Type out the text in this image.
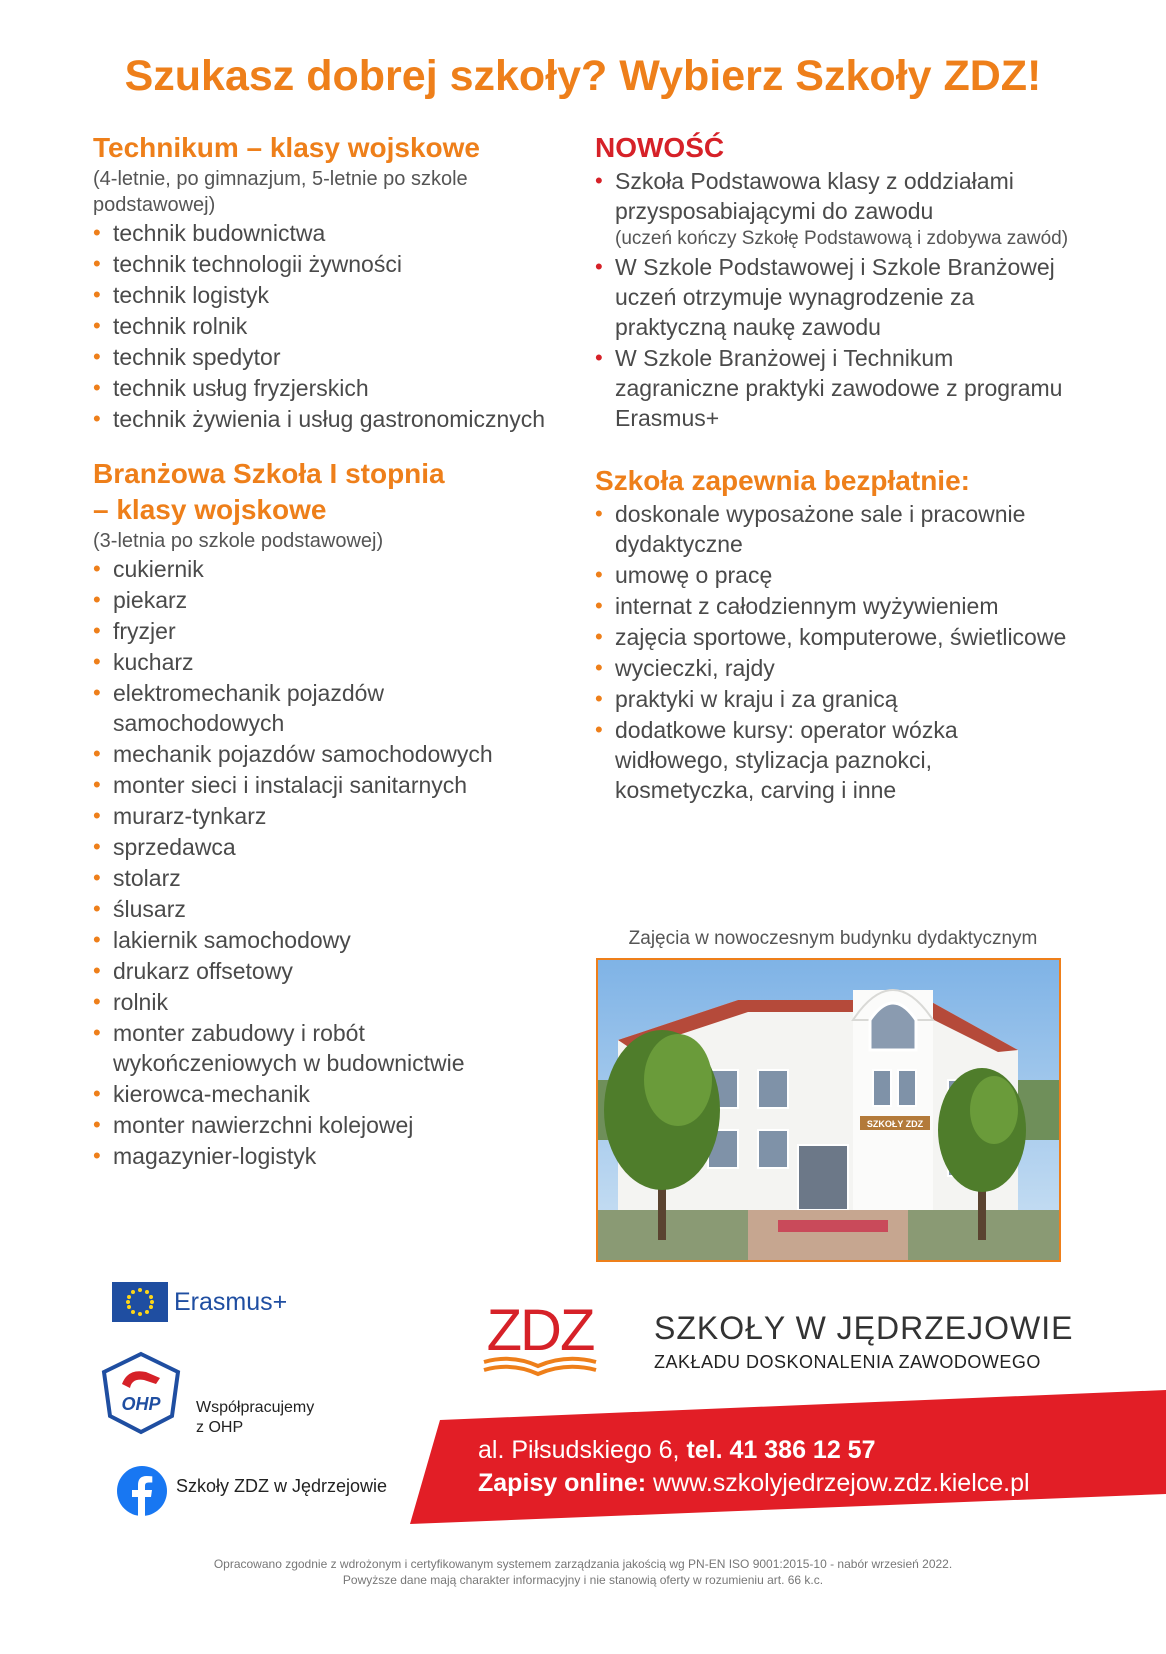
Szukasz dobrej szkoły? Wybierz Szkoły ZDZ!
Technikum – klasy wojskowe
(4-letnie, po gimnazjum, 5-letnie po szkole podstawowej)
• technik budownictwa
• technik technologii żywności
• technik logistyk
• technik rolnik
• technik spedytor
• technik usług fryzjerskich
• technik żywienia i usług gastronomicznych
Branżowa Szkoła I stopnia
– klasy wojskowe
(3-letnia po szkole podstawowej)
• cukiernik
• piekarz
• fryzjer
• kucharz
• elektromechanik pojazdów samochodowych
• mechanik pojazdów samochodowych
• monter sieci i instalacji sanitarnych
• murarz-tynkarz
• sprzedawca
• stolarz
• ślusarz
• lakiernik samochodowy
• drukarz offsetowy
• rolnik
• monter zabudowy i robót wykończeniowych w budownictwie
• kierowca-mechanik
• monter nawierzchni kolejowej
• magazynier-logistyk
NOWOŚĆ
• Szkoła Podstawowa klasy z oddziałami przysposabiającymi do zawodu
(uczeń kończy Szkołę Podstawową i zdobywa zawód)
• W Szkole Podstawowej i Szkole Branżowej uczeń otrzymuje wynagrodzenie za praktyczną naukę zawodu
• W Szkole Branżowej i Technikum zagraniczne praktyki zawodowe z programu Erasmus+
Szkoła zapewnia bezpłatnie:
• doskonale wyposażone sale i pracownie dydaktyczne
• umowę o pracę
• internat z całodziennym wyżywieniem
• zajęcia sportowe, komputerowe, świetlicowe
• wycieczki, rajdy
• praktyki w kraju i za granicą
• dodatkowe kursy: operator wózka widłowego, stylizacja paznokci, kosmetyczka, carving i inne
Zajęcia w nowoczesnym budynku dydaktycznym
SZKOŁY ZDZ
Erasmus+
OHP Współpracujemy
z OHP
Szkoły ZDZ w Jędrzejowie
ZDZ SZKOŁY W JĘDRZEJOWIE
ZAKŁADU DOSKONALENIA ZAWODOWEGO
al. Piłsudskiego 6, tel. 41 386 12 57
Zapisy online: www.szkolyjedrzejow.zdz.kielce.pl
Opracowano zgodnie z wdrożonym i certyfikowanym systemem zarządzania jakością wg PN-EN ISO 9001:2015-10 - nabór wrzesień 2022.
Powyższe dane mają charakter informacyjny i nie stanowią oferty w rozumieniu art. 66 k.c.
